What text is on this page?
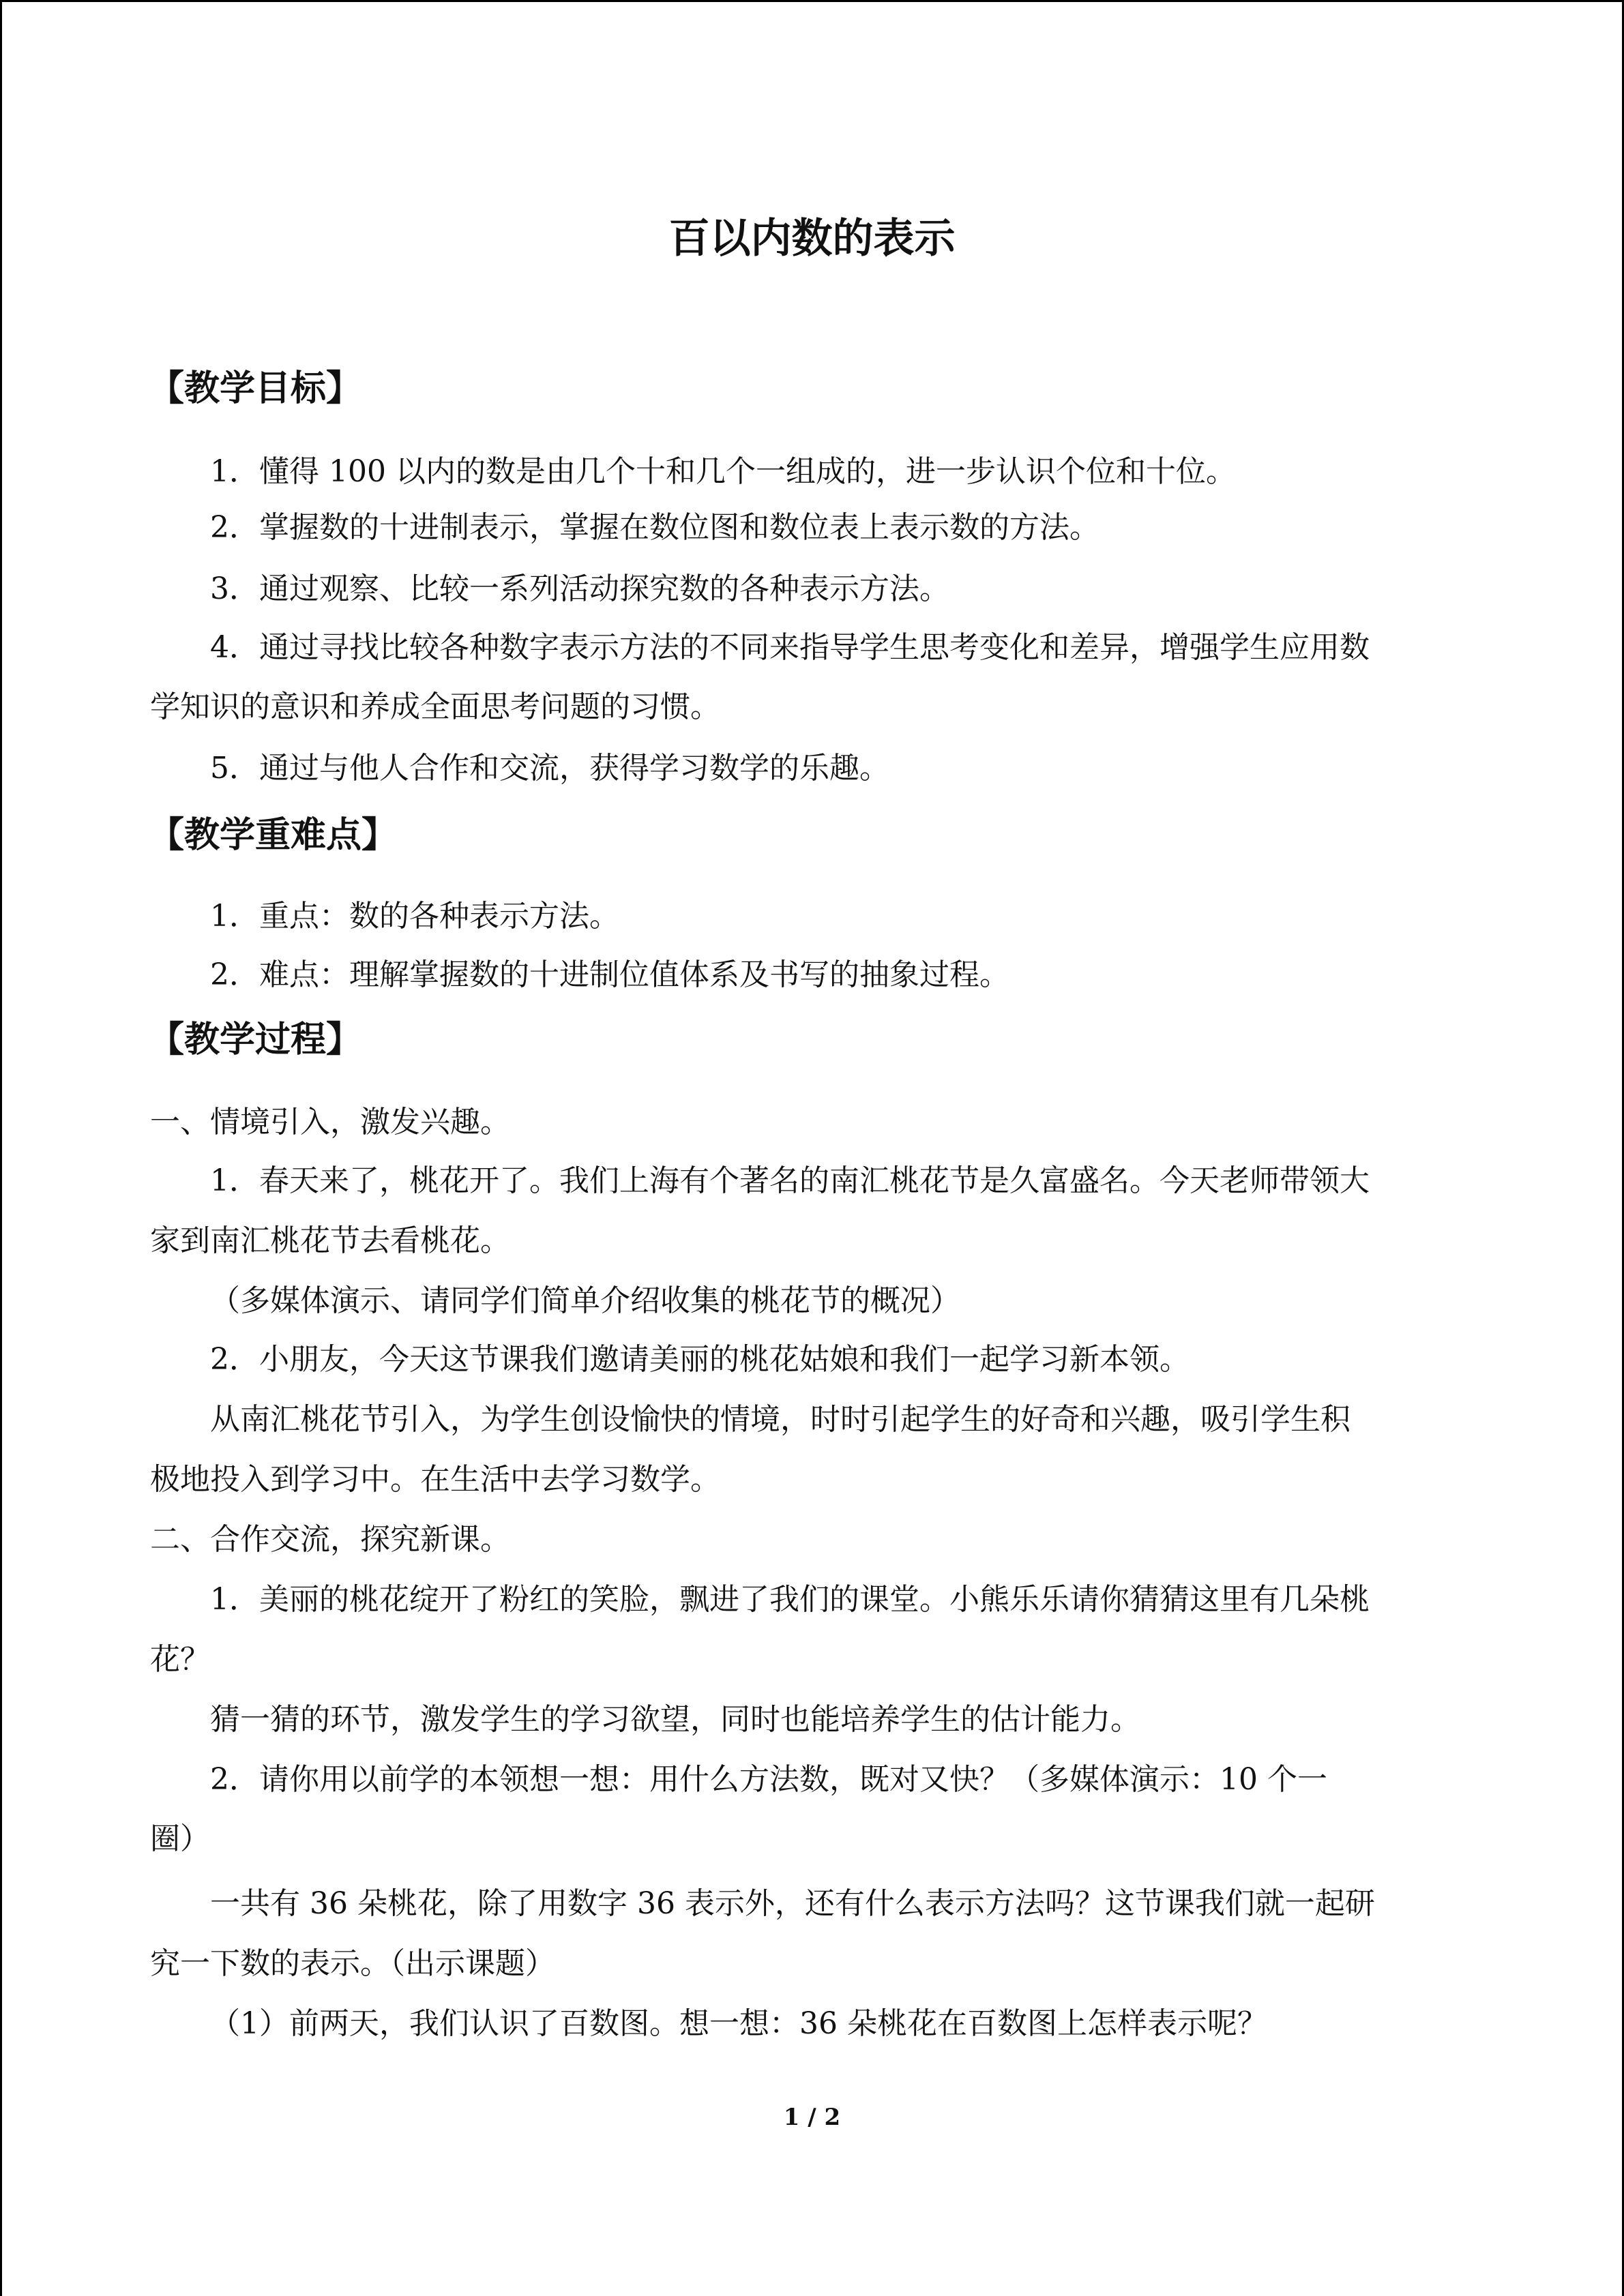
百以内数的表示
【教学目标】
1．懂得 100 以内的数是由几个十和几个一组成的，进一步认识个位和十位。
2．掌握数的十进制表示，掌握在数位图和数位表上表示数的方法。
3．通过观察、比较一系列活动探究数的各种表示方法。
4．通过寻找比较各种数字表示方法的不同来指导学生思考变化和差异，增强学生应用数
学知识的意识和养成全面思考问题的习惯。
5．通过与他人合作和交流，获得学习数学的乐趣。
【教学重难点】
1．重点：数的各种表示方法。
2．难点：理解掌握数的十进制位值体系及书写的抽象过程。
【教学过程】
一、情境引入，激发兴趣。
1．春天来了，桃花开了。我们上海有个著名的南汇桃花节是久富盛名。今天老师带领大
家到南汇桃花节去看桃花。
（多媒体演示、请同学们简单介绍收集的桃花节的概况）
2．小朋友，今天这节课我们邀请美丽的桃花姑娘和我们一起学习新本领。
从南汇桃花节引入，为学生创设愉快的情境，时时引起学生的好奇和兴趣，吸引学生积
极地投入到学习中。在生活中去学习数学。
二、合作交流，探究新课。
1．美丽的桃花绽开了粉红的笑脸，飘进了我们的课堂。小熊乐乐请你猜猜这里有几朵桃
花？
猜一猜的环节，激发学生的学习欲望，同时也能培养学生的估计能力。
2．请你用以前学的本领想一想：用什么方法数，既对又快？（多媒体演示：10 个一
圈）
一共有 36 朵桃花，除了用数字 36 表示外，还有什么表示方法吗？这节课我们就一起研
究一下数的表示。（出示课题）
（1）前两天，我们认识了百数图。想一想：36 朵桃花在百数图上怎样表示呢？
1 / 2
